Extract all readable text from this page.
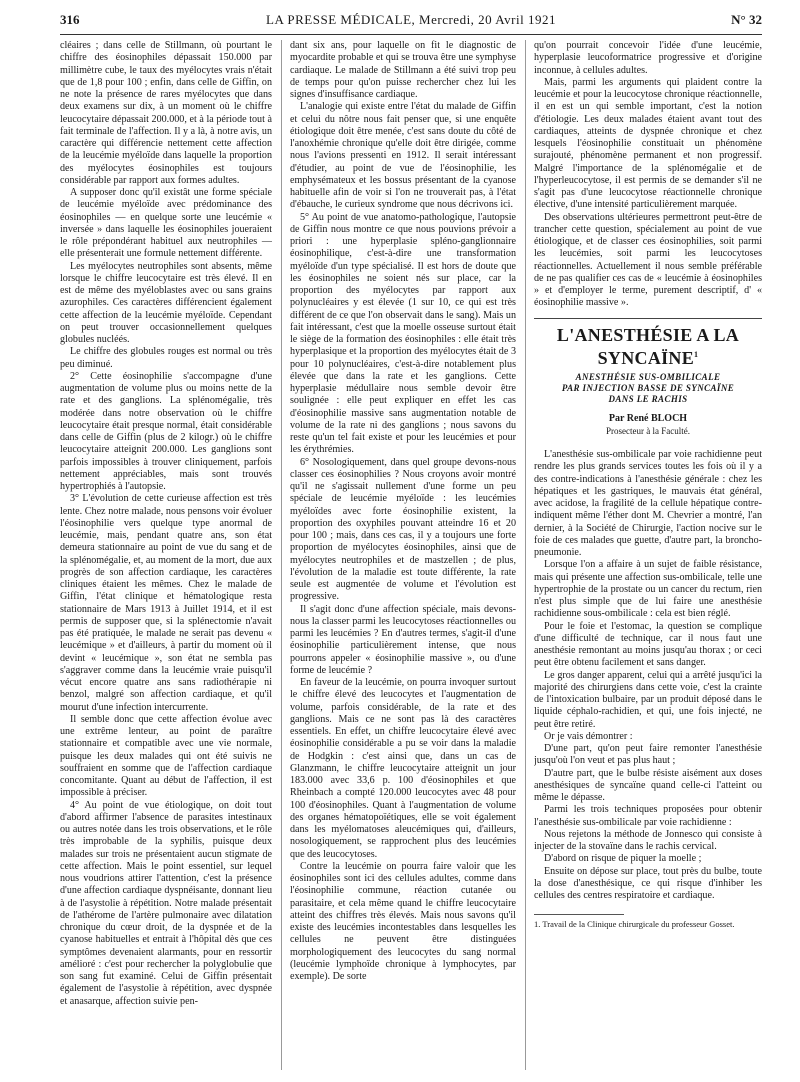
316	LA PRESSE MÉDICALE, Mercredi, 20 Avril 1921	N° 32

cléaires ; dans celle de Stillmann, où pourtant le chiffre des éosinophiles dépassait 150.000 par millimètre cube, le taux des myélocytes vrais n'était que de 1,8 pour 100 ; enfin, dans celle de Giffin, on ne note la présence de rares myélocytes que dans deux examens sur dix, à un moment où le chiffre leucocytaire dépassait 200.000, et à la période tout à fait terminale de l'affection. Il y a là, à notre avis, un caractère qui différencie nettement cette affection de la leucémie myéloïde dans laquelle la proportion des myélocytes éosinophiles est toujours considérable par rapport aux formes adultes.

A supposer donc qu'il existât une forme spéciale de leucémie myéloïde avec prédominance des éosinophiles — en quelque sorte une leucémie « inversée » dans laquelle les éosinophiles joueraient le rôle prépondérant habituel aux neutrophiles — elle présenterait une formule nettement différente.

Les myélocytes neutrophiles sont absents, même lorsque le chiffre leucocytaire est très élevé. Il en est de même des myéloblastes avec ou sans grains azurophiles. Ces caractères différencient également cette affection de la leucémie myéloïde. Cependant on peut trouver occasionnellement quelques globules nucléés.

Le chiffre des globules rouges est normal ou très peu diminué.

2° Cette éosinophilie s'accompagne d'une augmentation de volume plus ou moins nette de la rate et des ganglions. La splénomégalie, très modérée dans notre observation où le chiffre leucocytaire était presque normal, était considérable dans celle de Giffin (plus de 2 kilogr.) où le chiffre leucocytaire atteignit 200.000. Les ganglions sont parfois impossibles à trouver cliniquement, parfois nettement appréciables, mais sont trouvés hypertrophiés à l'autopsie.

3° L'évolution de cette curieuse affection est très lente. Chez notre malade, nous pensons voir évoluer l'éosinophilie vers quelque type anormal de leucémie, mais, pendant quatre ans, son état demeura stationnaire au point de vue du sang et de la splénomégalie, et, au moment de la mort, due aux progrès de son affection cardiaque, les caractères cliniques étaient les mêmes. Chez le malade de Giffin, l'état clinique et hématologique resta stationnaire de Mars 1913 à Juillet 1914, et il est permis de supposer que, si la splénectomie n'avait pas été pratiquée, le malade ne serait pas devenu « leucémique » et d'ailleurs, à partir du moment où il devint « leucémique », son état ne sembla pas s'aggraver comme dans la leucémie vraie puisqu'il vécut encore quatre ans sans radiothérapie ni benzol, malgré son affection cardiaque, et qu'il mourut d'une infection intercurrente.

Il semble donc que cette affection évolue avec une extrême lenteur, au point de paraître stationnaire et compatible avec une vie normale, puisque les deux malades qui ont été suivis ne souffraient en somme que de l'affection cardiaque concomitante. Quant au début de l'affection, il est impossible à préciser.

4° Au point de vue étiologique, on doit tout d'abord affirmer l'absence de parasites intestinaux ou autres notée dans les trois observations, et le rôle très improbable de la syphilis, puisque deux malades sur trois ne présentaient aucun stigmate de cette affection. Mais le point essentiel, sur lequel nous voudrions attirer l'attention, c'est la présence d'une affection cardiaque dyspnéisante, donnant lieu à de l'asystolie à répétition. Notre malade présentait de l'athérome de l'artère pulmonaire avec dilatation chronique du cœur droit, de la dyspnée et de la cyanose habituelles et entrait à l'hôpital dès que ces symptômes devenaient alarmants, pour en ressortir amélioré : c'est pour rechercher la polyglobulie que son sang fut examiné. Celui de Giffin présentait également de l'asystolie à répétition, avec dyspnée et anasarque, affection suivie pen-

dant six ans, pour laquelle on fit le diagnostic de myocardite probable et qui se trouva être une symphyse cardiaque. Le malade de Stillmann a été suivi trop peu de temps pour qu'on puisse rechercher chez lui les signes d'insuffisance cardiaque.

L'analogie qui existe entre l'état du malade de Giffin et celui du nôtre nous fait penser que, si une enquête étiologique doit être menée, c'est sans doute du côté de l'anoxhémie chronique qu'elle doit être dirigée, comme nous l'avions pressenti en 1912. Il serait intéressant d'étudier, au point de vue de l'éosinophilie, les emphysémateux et les bossus présentant de la cyanose habituelle afin de voir si l'on ne trouverait pas, à l'état d'ébauche, le curieux syndrome que nous décrivons ici.

5° Au point de vue anatomo-pathologique, l'autopsie de Giffin nous montre ce que nous pouvions prévoir a priori : une hyperplasie spléno-ganglionnaire éosinophilique, c'est-à-dire une transformation myéloïde d'un type spécialisé. Il est hors de doute que les éosinophiles ne soient nés sur place, car la proportion des myélocytes par rapport aux polynucléaires y est élevée (1 sur 10, ce qui est très différent de ce que l'on observait dans le sang). Mais un fait intéressant, c'est que la moelle osseuse surtout était le siège de la formation des éosinophiles : elle était très hyperplasique et la proportion des myélocytes était de 3 pour 10 polynucléaires, c'est-à-dire notablement plus élevée que dans la rate et les ganglions. Cette hyperplasie médullaire nous semble devoir être soulignée : elle peut expliquer en effet les cas d'éosinophilie massive sans augmentation notable de volume de la rate ni des ganglions ; nous savons du reste qu'un tel fait existe et pour les leucémies et pour les érythrémies.

6° Nosologiquement, dans quel groupe devons-nous classer ces éosinophilies ? Nous croyons avoir montré qu'il ne s'agissait nullement d'une forme un peu spéciale de leucémie myéloïde : les leucémies myéloïdes avec forte éosinophilie existent, la proportion des oxyphiles pouvant atteindre 16 et 20 pour 100 ; mais, dans ces cas, il y a toujours une forte proportion de myélocytes éosinophiles, ainsi que de myélocytes neutrophiles et de mastzellen ; de plus, l'évolution de la maladie est toute différente, la rate seule est augmentée de volume et l'évolution est progressive.

Il s'agit donc d'une affection spéciale, mais devons-nous la classer parmi les leucocytoses réactionnelles ou parmi les leucémies ? En d'autres termes, s'agit-il d'une éosinophilie particulièrement intense, que nous pourrons appeler « éosinophilie massive », ou d'une forme de leucémie ?

En faveur de la leucémie, on pourra invoquer surtout le chiffre élevé des leucocytes et l'augmentation de volume, parfois considérable, de la rate et des ganglions. Mais ce ne sont pas là des caractères essentiels. En effet, un chiffre leucocytaire élevé avec éosinophilie considérable a pu se voir dans la maladie de Hodgkin : c'est ainsi que, dans un cas de Glanzmann, le chiffre leucocytaire atteignit un jour 183.000 avec 33,6 p. 100 d'éosinophiles et que Rheinbach a compté 120.000 leucocytes avec 48 pour 100 d'éosinophiles. Quant à l'augmentation de volume des organes hématopoïétiques, elle se voit également dans les myélomatoses aleucémiques qui, d'ailleurs, nosologiquement, se rapprochent plus des leucémies que des leucocytoses.

Contre la leucémie on pourra faire valoir que les éosinophiles sont ici des cellules adultes, comme dans l'éosinophilie commune, réaction cutanée ou parasitaire, et cela même quand le chiffre leucocytaire atteint des chiffres très élevés. Mais nous savons qu'il existe des leucémies incontestables dans lesquelles les cellules ne peuvent être distinguées morphologiquement des leucocytes du sang normal (leucémie lymphoïde chronique à lymphocytes, par exemple). De sorte

qu'on pourrait concevoir l'idée d'une leucémie, hyperplasie leucoformatrice progressive et d'origine inconnue, à cellules adultes.

Mais, parmi les arguments qui plaident contre la leucémie et pour la leucocytose chronique réactionnelle, il en est un qui semble important, c'est la notion d'étiologie. Les deux malades étaient avant tout des cardiaques, atteints de dyspnée chronique et chez lesquels l'éosinophilie constituait un phénomène surajouté, phénomène permanent et non progressif. Malgré l'importance de la splénomégalie et de l'hyperleucocytose, il est permis de se demander s'il ne s'agit pas d'une leucocytose réactionnelle chronique élective, d'une intensité particulièrement marquée.

Des observations ultérieures permettront peut-être de trancher cette question, spécialement au point de vue étiologique, et de classer ces éosinophilies, soit parmi les leucémies, soit parmi les leucocytoses réactionnelles. Actuellement il nous semble préférable de ne pas qualifier ces cas de « leucémie à éosinophiles » et d'employer le terme, purement descriptif, d' « éosinophilie massive ».

L'ANESTHÉSIE A LA SYNCAÏNE$^1$
ANESTHÉSIE SUS-OMBILICALE
PAR INJECTION BASSE DE SYNCAÏNE
DANS LE RACHIS
Par René BLOCH
Prosecteur à la Faculté.

L'anesthésie sus-ombilicale par voie rachidienne peut rendre les plus grands services toutes les fois où il y a des contre-indications à l'anesthésie générale : chez les hépatiques et les gastriques, le mauvais état général, avec acidose, la fragilité de la cellule hépatique contre-indiquent même l'éther dont M. Chevrier a montré, l'an dernier, à la Société de Chirurgie, l'action nocive sur le foie de ces malades que guette, d'autre part, la broncho-pneumonie.

Lorsque l'on a affaire à un sujet de faible résistance, mais qui présente une affection sus-ombilicale, telle une hypertrophie de la prostate ou un cancer du rectum, rien n'est plus simple que de lui faire une anesthésie rachidienne sous-ombilicale : cela est bien réglé.

Pour le foie et l'estomac, la question se complique d'une difficulté de technique, car il nous faut une anesthésie remontant au moins jusqu'au thorax ; or ceci peut être obtenu facilement et sans danger.

Le gros danger apparent, celui qui a arrêté jusqu'ici la majorité des chirurgiens dans cette voie, c'est la crainte de l'intoxication bulbaire, par un produit déposé dans le liquide céphalo-rachidien, et qui, une fois injecté, ne peut être retiré.

Or je vais démontrer :

D'une part, qu'on peut faire remonter l'anesthésie jusqu'où l'on veut et pas plus haut ;

D'autre part, que le bulbe résiste aisément aux doses anesthésiques de syncaïne quand celle-ci l'atteint ou même le dépasse.

Parmi les trois techniques proposées pour obtenir l'anesthésie sus-ombilicale par voie rachidienne :

Nous rejetons la méthode de Jonnesco qui consiste à injecter de la stovaïne dans le rachis cervical.

D'abord on risque de piquer la moelle ;

Ensuite on dépose sur place, tout près du bulbe, toute la dose d'anesthésique, ce qui risque d'inhiber les cellules des centres respiratoire et cardiaque.

1. Travail de la Clinique chirurgicale du professeur Gosset.
